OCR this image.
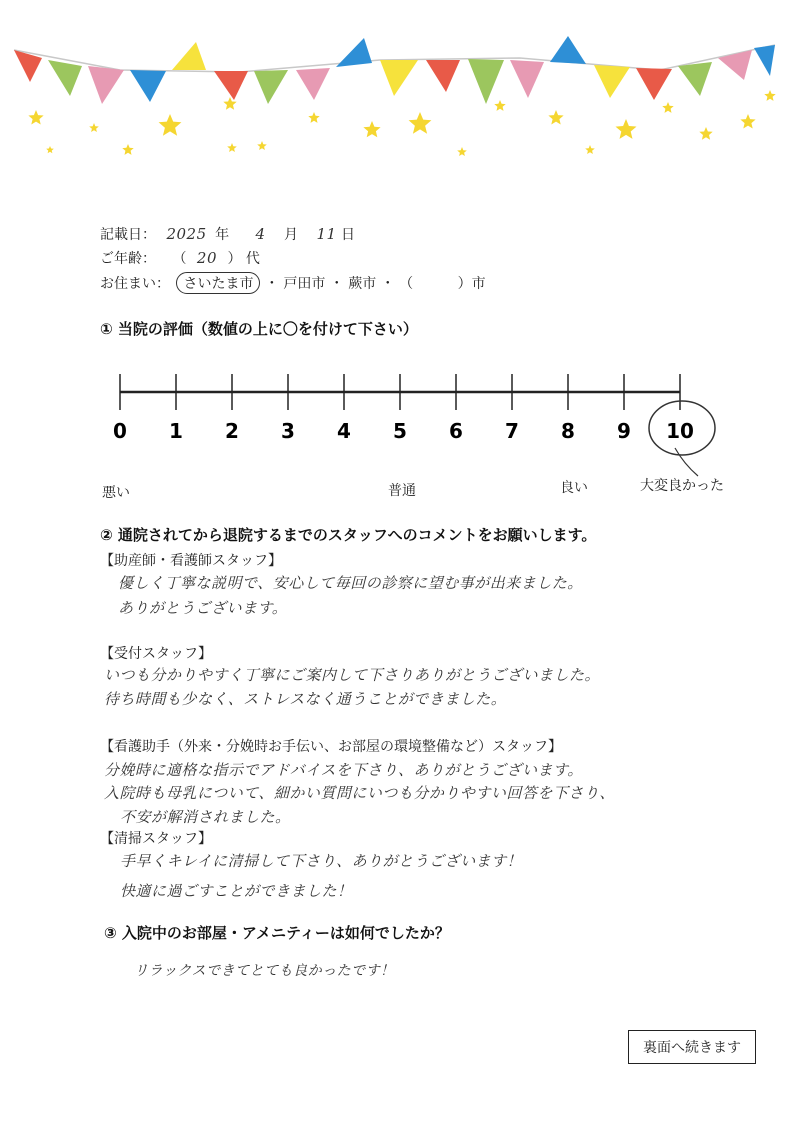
記載日： 2025 年 4 月 11 日
ご年齢： （ 20 ） 代
お住まい： さいたま市 ・ 戸田市 ・ 蕨市 ・ （	）市
① 当院の評価（数値の上に〇を付けて下さい）
0 1 2 3 4 5 6 7 8 9 10
悪い	普通	良い	大変良かった
② 通院されてから退院するまでのスタッフへのコメントをお願いします。
【助産師・看護師スタッフ】
優しく丁寧な説明で、安心して毎回の診察に望む事が出来ました。
ありがとうございます。
【受付スタッフ】
いつも分かりやすく丁寧にご案内して下さりありがとうございました。
待ち時間も少なく、ストレスなく通うことができました。
【看護助手（外来・分娩時お手伝い、お部屋の環境整備など）スタッフ】
分娩時に適格な指示でアドバイスを下さり、ありがとうございます。
入院時も母乳について、細かい質問にいつも分かりやすい回答を下さり、
不安が解消されました。
【清掃スタッフ】
手早くキレイに清掃して下さり、ありがとうございます！
快適に過ごすことができました！
③ 入院中のお部屋・アメニティーは如何でしたか？
リラックスできてとても良かったです！
裏面へ続きます
